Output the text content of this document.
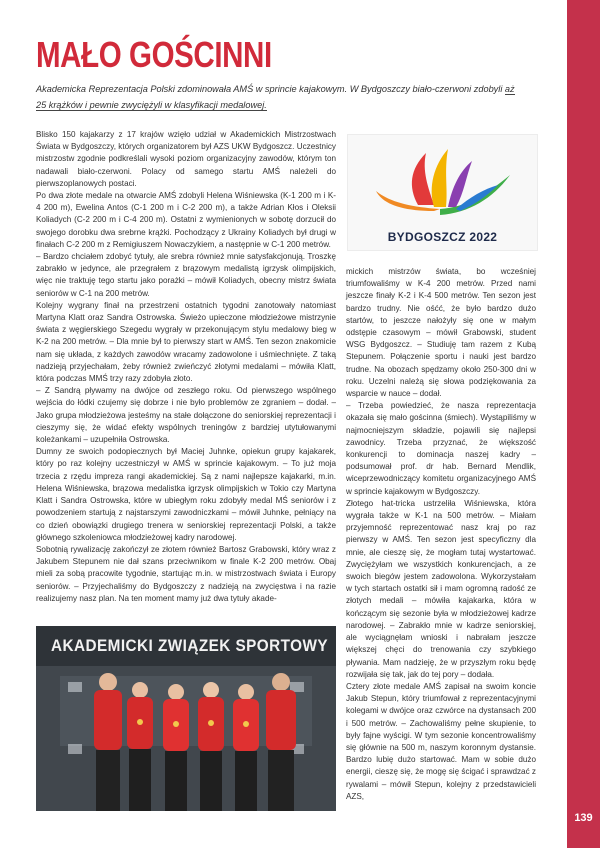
139
MAŁO GOŚCINNI

Akademicka Reprezentacja Polski zdominowała AMŚ w sprincie kajakowym. W Bydgoszczy biało-czerwoni zdobyli aż 25 krążków i pewnie zwyciężyli w klasyfikacji medalowej.

Blisko 150 kajakarzy z 17 krajów wzięło udział w Akademickich Mistrzostwach Świata w Bydgoszczy, których organizatorem był AZS UKW Bydgoszcz. Uczestnicy mistrzostw zgodnie podkreślali wysoki poziom organizacyjny zawodów, którym ton nadawali biało-czerwoni. Polacy od samego startu AMŚ należeli do pierwszoplanowych postaci.

Po dwa złote medale na otwarcie AMŚ zdobyli Helena Wiśniewska (K-1 200 m i K-4 200 m), Ewelina Antos (C-1 200 m i C-2 200 m), a także Adrian Kłos i Oleksii Koliadych (C-2 200 m i C-4 200 m). Ostatni z wymienionych w sobotę dorzucił do swojego dorobku dwa srebrne krążki. Pochodzący z Ukrainy Koliadych był drugi w finałach C-2 200 m z Remigiuszem Nowaczykiem, a następnie w C-1 200 metrów.

– Bardzo chciałem zdobyć tytuły, ale srebra również mnie satysfakcjonują. Troszkę zabrakło w jedynce, ale przegrałem z brązowym medalistą igrzysk olimpijskich, więc nie traktuję tego startu jako porażki – mówił Koliadych, obecny mistrz świata seniorów w C-1 na 200 metrów.

Kolejny wygrany finał na przestrzeni ostatnich tygodni zanotowały natomiast Martyna Klatt oraz Sandra Ostrowska. Świeżo upieczone młodzieżowe mistrzynie świata z węgierskiego Szegedu wygrały w przekonującym stylu medalowy bieg w K-2 na 200 metrów. – Dla mnie był to pierwszy start w AMŚ. Ten sezon znakomicie nam się układa, z każdych zawodów wracamy zadowolone i uśmiechnięte. Z taką nadzieją przyjechałam, żeby również zwieńczyć złotymi medalami – mówiła Klatt, która podczas MMŚ trzy razy zdobyła złoto.

– Z Sandrą pływamy na dwójce od zeszłego roku. Od pierwszego wspólnego wejścia do łódki czujemy się dobrze i nie było problemów ze zgraniem – dodał. – Jako grupa młodzieżowa jesteśmy na stałe dołączone do seniorskiej reprezentacji i cieszymy się, że widać efekty wspólnych treningów z bardziej utytułowanymi koleżankami – uzupełniła Ostrowska.

Dumny ze swoich podopiecznych był Maciej Juhnke, opiekun grupy kajakarek, który po raz kolejny uczestniczył w AMŚ w sprincie kajakowym. – To już moja trzecia z rzędu impreza rangi akademickiej. Są z nami najlepsze kajakarki, m.in. Helena Wiśniewska, brązowa medalistka igrzysk olimpijskich w Tokio czy Martyna Klatt i Sandra Ostrowska, które w ubiegłym roku zdobyły medal MŚ seniorów i z powodzeniem startują z najstarszymi zawodniczkami – mówił Juhnke, pełniący na co dzień obowiązki drugiego trenera w seniorskiej reprezentacji Polski, a także głównego szkoleniowca młodzieżowej kadry narodowej.

Sobotnią rywalizację zakończył ze złotem również Bartosz Grabowski, który wraz z Jakubem Stepunem nie dał szans przeciwnikom w finale K-2 200 metrów. Obaj mieli za sobą pracowite tygodnie, startując m.in. w mistrzostwach świata i Europy seniorów. – Przyjechaliśmy do Bydgoszczy z nadzieją na zwycięstwa i na razie realizujemy nasz plan. Na ten moment mamy już dwa tytuły akade-

BYDGOSZCZ 2022

mickich mistrzów świata, bo wcześniej triumfowaliśmy w K-4 200 metrów. Przed nami jeszcze finały K-2 i K-4 500 metrów. Ten sezon jest bardzo trudny. Nie ośćć, że było bardzo dużo startów, to jeszcze nałożyły się one w małym odstępie czasowym – mówił Grabowski, student WSG Bydgoszcz. – Studiuję tam razem z Kubą Stepunem. Połączenie sportu i nauki jest bardzo trudne. Na obozach spędzamy około 250-300 dni w roku. Uczelni należą się słowa podziękowania za wsparcie w nauce – dodał.

– Trzeba powiedzieć, że nasza reprezentacja okazała się mało gościnna (śmiech). Wystąpiliśmy w najmocniejszym składzie, pojawili się najlepsi zawodnicy. Trzeba przyznać, że większość konkurencji to dominacja naszej kadry – podsumował prof. dr hab. Bernard Mendlik, wiceprzewodniczący komitetu organizacyjnego AMŚ w sprincie kajakowym w Bydgoszczy.

Złotego hat-tricka ustrzeliła Wiśniewska, która wygrała także w K-1 na 500 metrów. – Miałam przyjemność reprezentować nasz kraj po raz pierwszy w AMŚ. Ten sezon jest specyficzny dla mnie, ale cieszę się, że mogłam tutaj wystartować. Zwyciężyłam we wszystkich konkurencjach, a ze swoich biegów jestem zadowolona. Wykorzystałam w tych startach ostatki sił i mam ogromną radość ze złotych medali – mówiła kajakarka, która w kończącym się sezonie była w młodzieżowej kadrze narodowej. – Zabrakło mnie w kadrze seniorskiej, ale wyciągnęłam wnioski i nabrałam jeszcze większej chęci do trenowania czy szybkiego pływania. Mam nadzieję, że w przyszłym roku będę rozwijała się tak, jak do tej pory – dodała.

Cztery złote medale AMŚ zapisał na swoim koncie Jakub Stepun, który triumfował z reprezentacyjnymi kolegami w dwójce oraz czwórce na dystansach 200 i 500 metrów. – Zachowaliśmy pełne skupienie, to były fajne wyścigi. W tym sezonie koncentrowaliśmy się głównie na 500 m, naszym koronnym dystansie. Bardzo lubię dużo startować. Mam w sobie dużo energii, cieszę się, że mogę się ścigać i sprawdzać z rywalami – mówił Stepun, kolejny z przedstawicieli AZS,

AKADEMICKI ZWIĄZEK SPORTOWY
